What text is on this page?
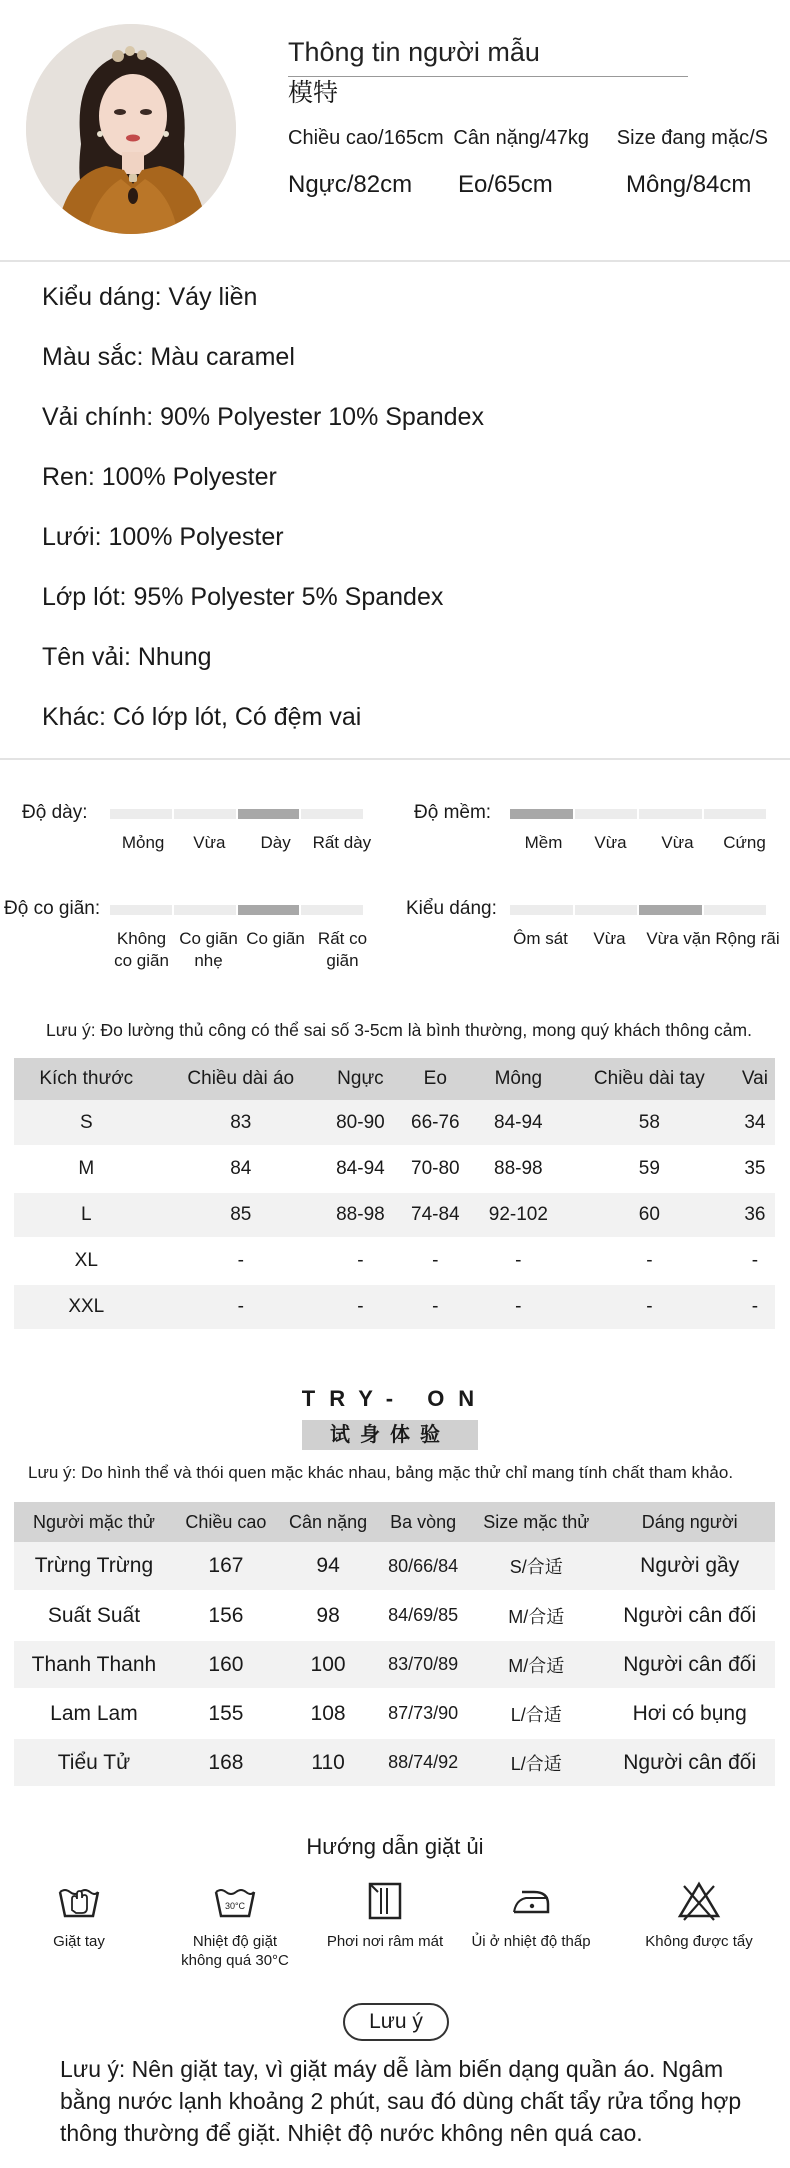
Thông tin người mẫu
模特
Chiều cao/165cm Cân nặng/47kg	Size đang mặc/S
Ngực/82cm	Eo/65cm	Mông/84cm
Kiểu dáng: Váy liền
Màu sắc: Màu caramel
Vải chính: 90% Polyester 10% Spandex
Ren: 100% Polyester
Lưới: 100% Polyester
Lớp lót: 95% Polyester 5% Spandex
Tên vải: Nhung
Khác: Có lớp lót, Có đệm vai
Độ dày:
Mỏng	Vừa	Dày	Rất dày
Độ mềm:
Mềm	Vừa	Vừa	Cứng
Độ co giãn:
Không co giãn
Co giãn nhẹ
Co giãn Rất co giãn
Kiểu dáng:
Ôm sát	Vừa	Vừa vặn Rộng rãi
Lưu ý: Đo lường thủ công có thể sai số 3-5cm là bình thường, mong quý khách thông cảm.
Kích thước	Chiều dài áo	Ngực	Eo	Mông	Chiều dài tay	Vai
S	83	80-90	66-76	84-94	58	34
M	84	84-94	70-80	88-98	59	35
L	85	88-98	74-84	92-102	60	36
XL	-	-	-	-	-	-
XXL	-	-	-	-	-	-
TRY- ON
试身体验
Lưu ý: Do hình thể và thói quen mặc khác nhau, bảng mặc thử chỉ mang tính chất tham khảo.
Người mặc thử	Chiều cao	Cân nặng	Ba vòng	Size mặc thử	Dáng người
Trừng Trừng	167	94	80/66/84	S/合适	Người gầy
Suất Suất	156	98	84/69/85	M/合适	Người cân đối
Thanh Thanh	160	100	83/70/89	M/合适	Người cân đối
Lam Lam	155	108	87/73/90	L/合适	Hơi có bụng
Tiểu Tử	168	110	88/74/92	L/合适	Người cân đối
Hướng dẫn giặt ủi
Giặt tay
30°C
Nhiệt độ giặt
không quá 30°C
Phơi nơi râm mát	Ủi ở nhiệt độ thấp	Không được tẩy
Lưu ý
Lưu ý: Nên giặt tay, vì giặt máy dễ làm biến dạng quần áo. Ngâm bằng nước lạnh khoảng 2 phút, sau đó dùng chất tẩy rửa tổng hợp thông thường để giặt. Nhiệt độ nước không nên quá cao.
